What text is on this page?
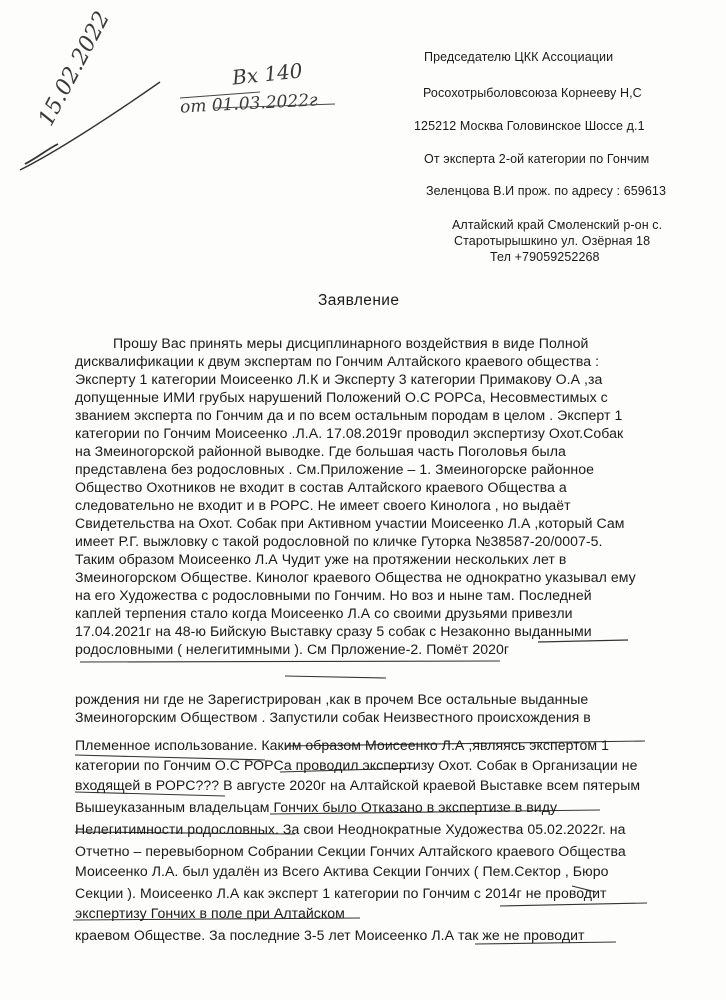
Председателю ЦКК Ассоциации
Росохотрыболовсоюза Корнееву Н,С
125212 Москва Головинское Шоссе д.1
От эксперта 2-ой категории по Гончим
Зеленцова В.И прож. по адресу : 659613
Алтайский край Смоленский р-он с.
Старотырышкино ул. Озёрная 18
Тел +79059252268
Вх 140
от 01.03.2022г
15.02.2022
Заявление
Прошу Вас принять меры дисциплинарного воздействия в виде Полной
дисквалификации к двум экспертам по Гончим Алтайского краевого общества :
Эксперту 1 категории Моисеенко Л.К и Эксперту 3 категории Примакову О.А ,за
допущенные ИМИ грубых нарушений Положений О.С РОРСа, Несовместимых с
званием эксперта по Гончим да и по всем остальным породам в целом . Эксперт 1
категории по Гончим Моисеенко .Л.А. 17.08.2019г проводил экспертизу Охот.Собак
на Змеиногорской районной выводке. Где большая часть Поголовья была
представлена без родословных . См.Приложение – 1. Змеиногорске районное
Общество Охотников не входит в состав Алтайского краевого Общества а
следовательно не входит и в РОРС. Не имеет своего Кинолога , но выдаёт
Свидетельства на Охот. Собак при Активном участии Моисеенко Л.А ,который Сам
имеет Р.Г. выжловку с такой родословной по кличке Гуторка №38587-20/0007-5.
Таким образом Моисеенко Л.А Чудит уже на протяжении нескольких лет в
Змеиногорском Обществе. Кинолог краевого Общества не однократно указывал ему
на его Художества с родословными по Гончим. Но воз и ныне там. Последней
каплей терпения стало когда Моисеенко Л.А со своими друзьями привезли
17.04.2021г на 48-ю Бийскую Выставку сразу 5 собак с Незаконно выданными
родословными ( нелегитимными ). См Прложение-2. Помёт 2020г
рождения ни где не Зарегистрирован ,как в прочем Все остальные выданные
Змеиногорским Обществом . Запустили собак Неизвестного происхождения в
Племенное использование. Каким образом Моисеенко Л.А ,являясь экспертом 1
категории по Гончим О.С РОРСа проводил экспертизу Охот. Собак в Организации не
входящей в РОРС??? В августе 2020г на Алтайской краевой Выставке всем пятерым
Вышеуказанным владельцам Гончих было Отказано в экспертизе в виду
Нелегитимности родословных. За свои Неоднократные Художества 05.02.2022г. на
Отчетно – перевыборном Собрании Секции Гончих Алтайского краевого Общества
Моисеенко Л.А. был удалён из Всего Актива Секции Гончих ( Пем.Сектор , Бюро
Секции ). Моисеенко Л.А как эксперт 1 категории по Гончим с 2014г не проводит
экспертизу Гончих в поле при Алтайском
краевом Обществе. За последние 3-5 лет Моисеенко Л.А так же не проводит
